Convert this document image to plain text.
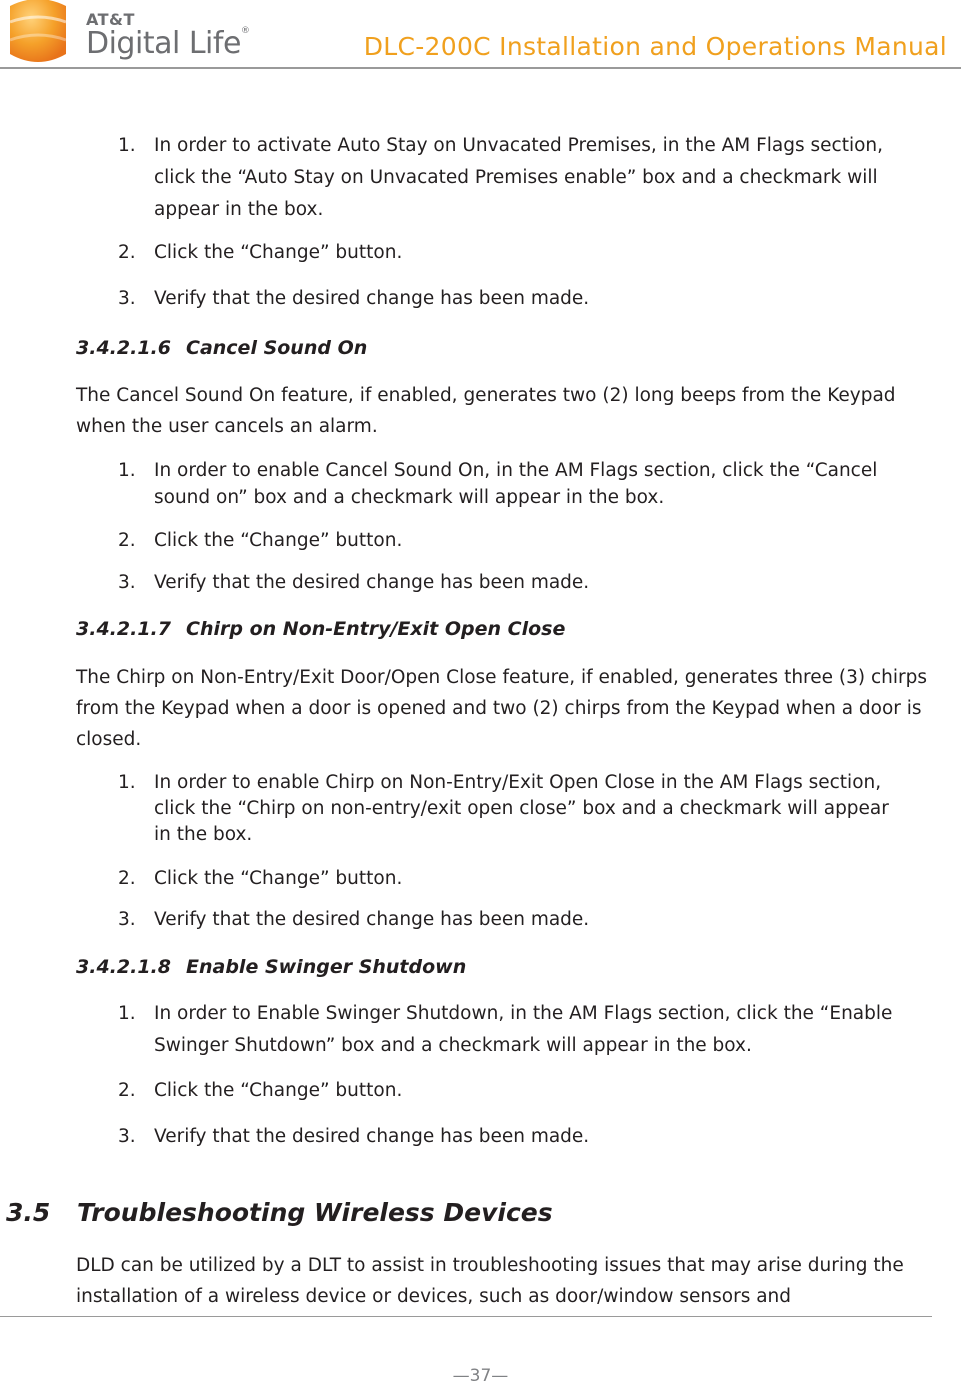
AT&T
Digital Life®
DLC-200C Installation and Operations Manual
1. In order to activate Auto Stay on Unvacated Premises, in the AM Flags section, click the “Auto Stay on Unvacated Premises enable” box and a checkmark will appear in the box.
2. Click the “Change” button.
3. Verify that the desired change has been made.
3.4.2.1.6 Cancel Sound On
The Cancel Sound On feature, if enabled, generates two (2) long beeps from the Keypad when the user cancels an alarm.
1. In order to enable Cancel Sound On, in the AM Flags section, click the “Cancel sound on” box and a checkmark will appear in the box.
2. Click the “Change” button.
3. Verify that the desired change has been made.
3.4.2.1.7 Chirp on Non-Entry/Exit Open Close
The Chirp on Non-Entry/Exit Door/Open Close feature, if enabled, generates three (3) chirps from the Keypad when a door is opened and two (2) chirps from the Keypad when a door is closed.
1. In order to enable Chirp on Non-Entry/Exit Open Close in the AM Flags section, click the “Chirp on non-entry/exit open close” box and a checkmark will appear in the box.
2. Click the “Change” button.
3. Verify that the desired change has been made.
3.4.2.1.8 Enable Swinger Shutdown
1. In order to Enable Swinger Shutdown, in the AM Flags section, click the “Enable Swinger Shutdown” box and a checkmark will appear in the box.
2. Click the “Change” button.
3. Verify that the desired change has been made.
3.5 Troubleshooting Wireless Devices
DLD can be utilized by a DLT to assist in troubleshooting issues that may arise during the installation of a wireless device or devices, such as door/window sensors and
—37—
